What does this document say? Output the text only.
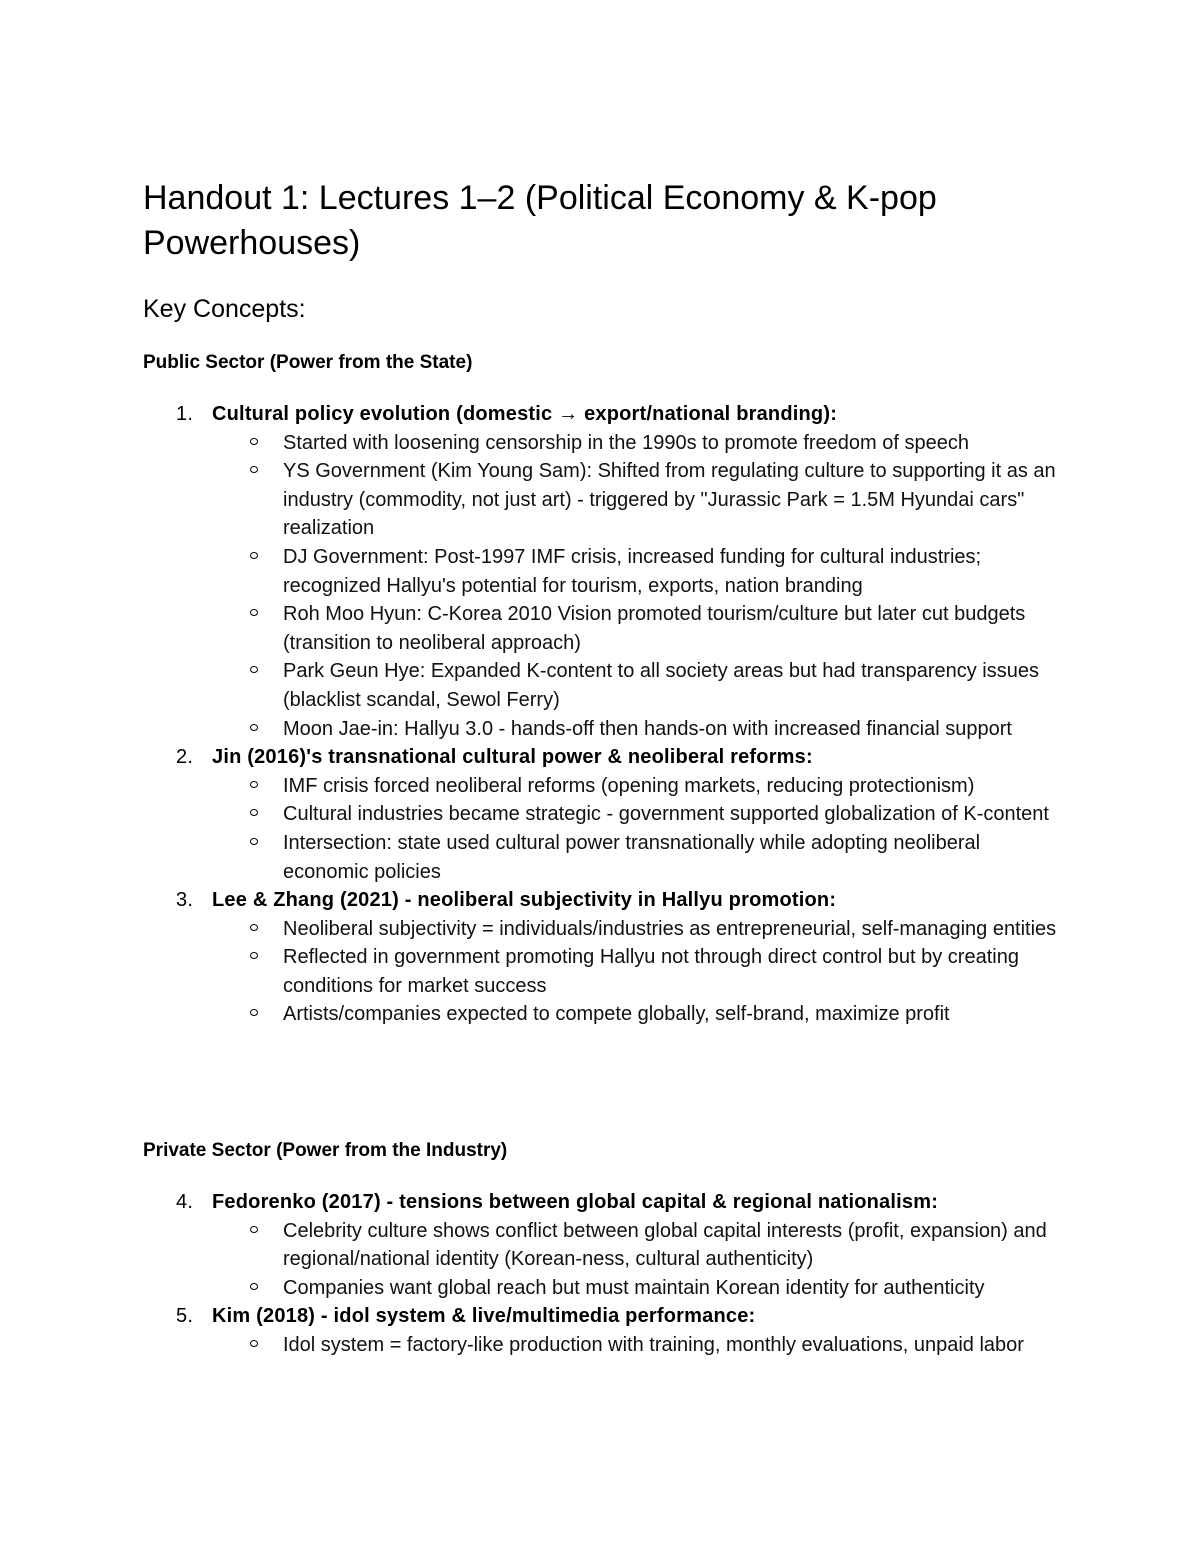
Handout 1: Lectures 1–2 (Political Economy & K-pop Powerhouses)
Key Concepts:
Public Sector (Power from the State)
1. Cultural policy evolution (domestic → export/national branding):
Started with loosening censorship in the 1990s to promote freedom of speech
YS Government (Kim Young Sam): Shifted from regulating culture to supporting it as an industry (commodity, not just art) - triggered by "Jurassic Park = 1.5M Hyundai cars" realization
DJ Government: Post-1997 IMF crisis, increased funding for cultural industries; recognized Hallyu's potential for tourism, exports, nation branding
Roh Moo Hyun: C-Korea 2010 Vision promoted tourism/culture but later cut budgets (transition to neoliberal approach)
Park Geun Hye: Expanded K-content to all society areas but had transparency issues (blacklist scandal, Sewol Ferry)
Moon Jae-in: Hallyu 3.0 - hands-off then hands-on with increased financial support
2. Jin (2016)'s transnational cultural power & neoliberal reforms:
IMF crisis forced neoliberal reforms (opening markets, reducing protectionism)
Cultural industries became strategic - government supported globalization of K-content
Intersection: state used cultural power transnationally while adopting neoliberal economic policies
3. Lee & Zhang (2021) - neoliberal subjectivity in Hallyu promotion:
Neoliberal subjectivity = individuals/industries as entrepreneurial, self-managing entities
Reflected in government promoting Hallyu not through direct control but by creating conditions for market success
Artists/companies expected to compete globally, self-brand, maximize profit
Private Sector (Power from the Industry)
4. Fedorenko (2017) - tensions between global capital & regional nationalism:
Celebrity culture shows conflict between global capital interests (profit, expansion) and regional/national identity (Korean-ness, cultural authenticity)
Companies want global reach but must maintain Korean identity for authenticity
5. Kim (2018) - idol system & live/multimedia performance:
Idol system = factory-like production with training, monthly evaluations, unpaid labor
